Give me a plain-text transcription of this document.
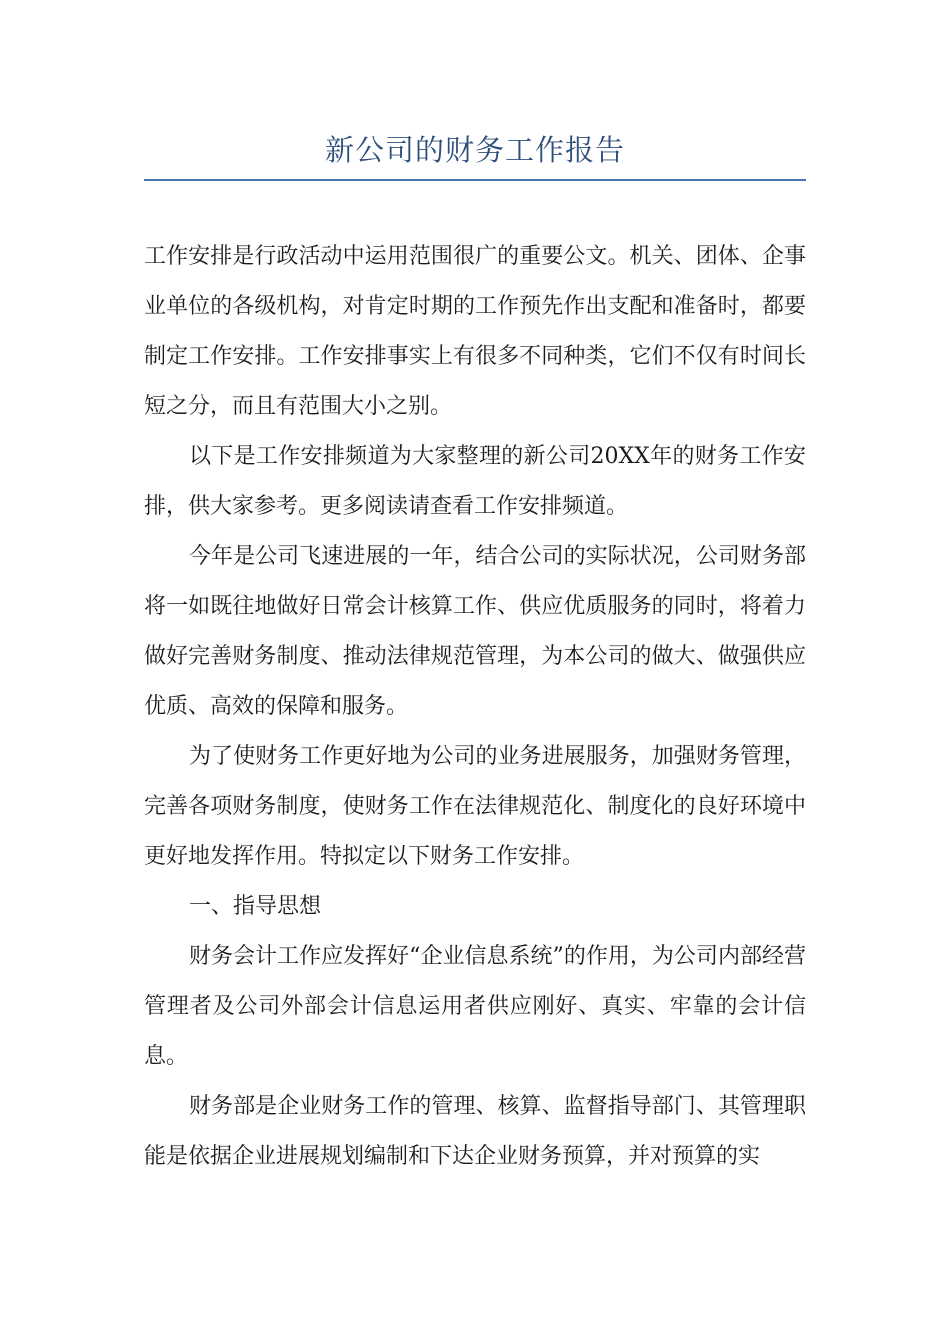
新公司的财务工作报告

工作安排是行政活动中运用范围很广的重要公文。机关、团体、企事业单位的各级机构，对肯定时期的工作预先作出支配和准备时，都要制定工作安排。工作安排事实上有很多不同种类，它们不仅有时间长短之分，而且有范围大小之别。

以下是工作安排频道为大家整理的新公司20XX年的财务工作安排，供大家参考。更多阅读请查看工作安排频道。

今年是公司飞速进展的一年，结合公司的实际状况，公司财务部将一如既往地做好日常会计核算工作、供应优质服务的同时，将着力做好完善财务制度、推动法律规范管理，为本公司的做大、做强供应优质、高效的保障和服务。

为了使财务工作更好地为公司的业务进展服务，加强财务管理，完善各项财务制度，使财务工作在法律规范化、制度化的良好环境中更好地发挥作用。特拟定以下财务工作安排。

一、指导思想

财务会计工作应发挥好“企业信息系统”的作用，为公司内部经营管理者及公司外部会计信息运用者供应刚好、真实、牢靠的会计信息。

财务部是企业财务工作的管理、核算、监督指导部门、其管理职能是依据企业进展规划编制和下达企业财务预算，并对预算的实
